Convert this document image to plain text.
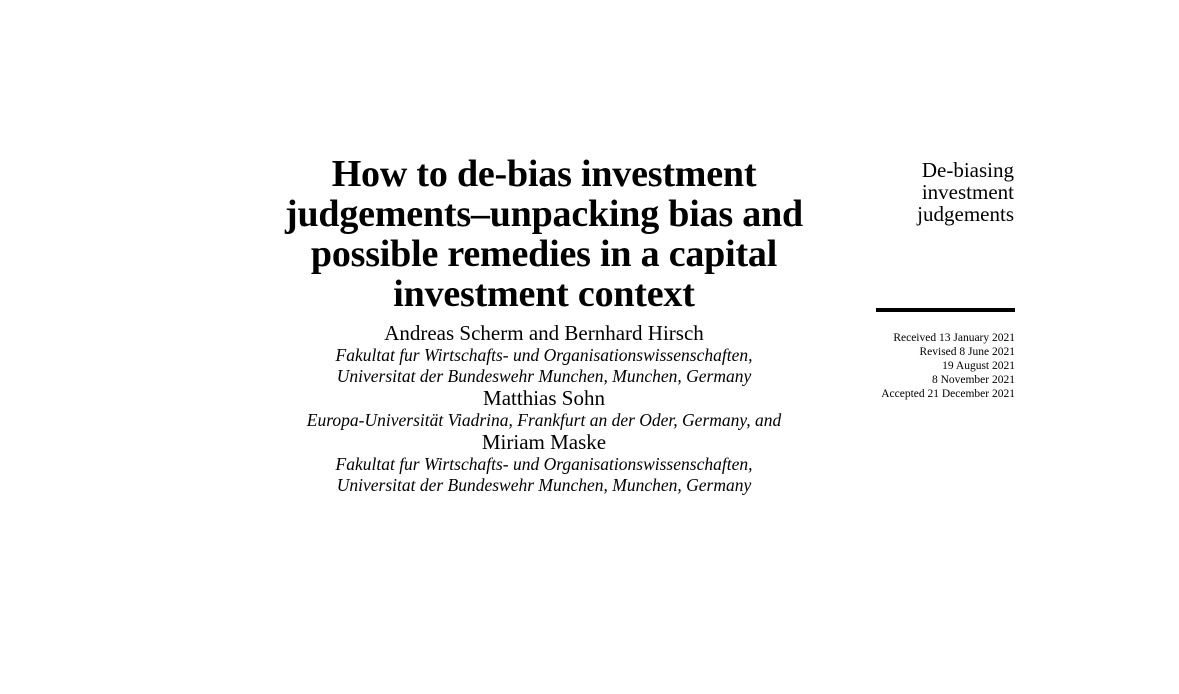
How to de-bias investment
judgements–unpacking bias and
possible remedies in a capital
investment context
Andreas Scherm and Bernhard Hirsch
Fakultat fur Wirtschafts- und Organisationswissenschaften,
Universitat der Bundeswehr Munchen, Munchen, Germany
Matthias Sohn
Europa-Universität Viadrina, Frankfurt an der Oder, Germany, and
Miriam Maske
Fakultat fur Wirtschafts- und Organisationswissenschaften,
Universitat der Bundeswehr Munchen, Munchen, Germany
De-biasing
investment
judgements
Received 13 January 2021
Revised 8 June 2021
19 August 2021
8 November 2021
Accepted 21 December 2021
